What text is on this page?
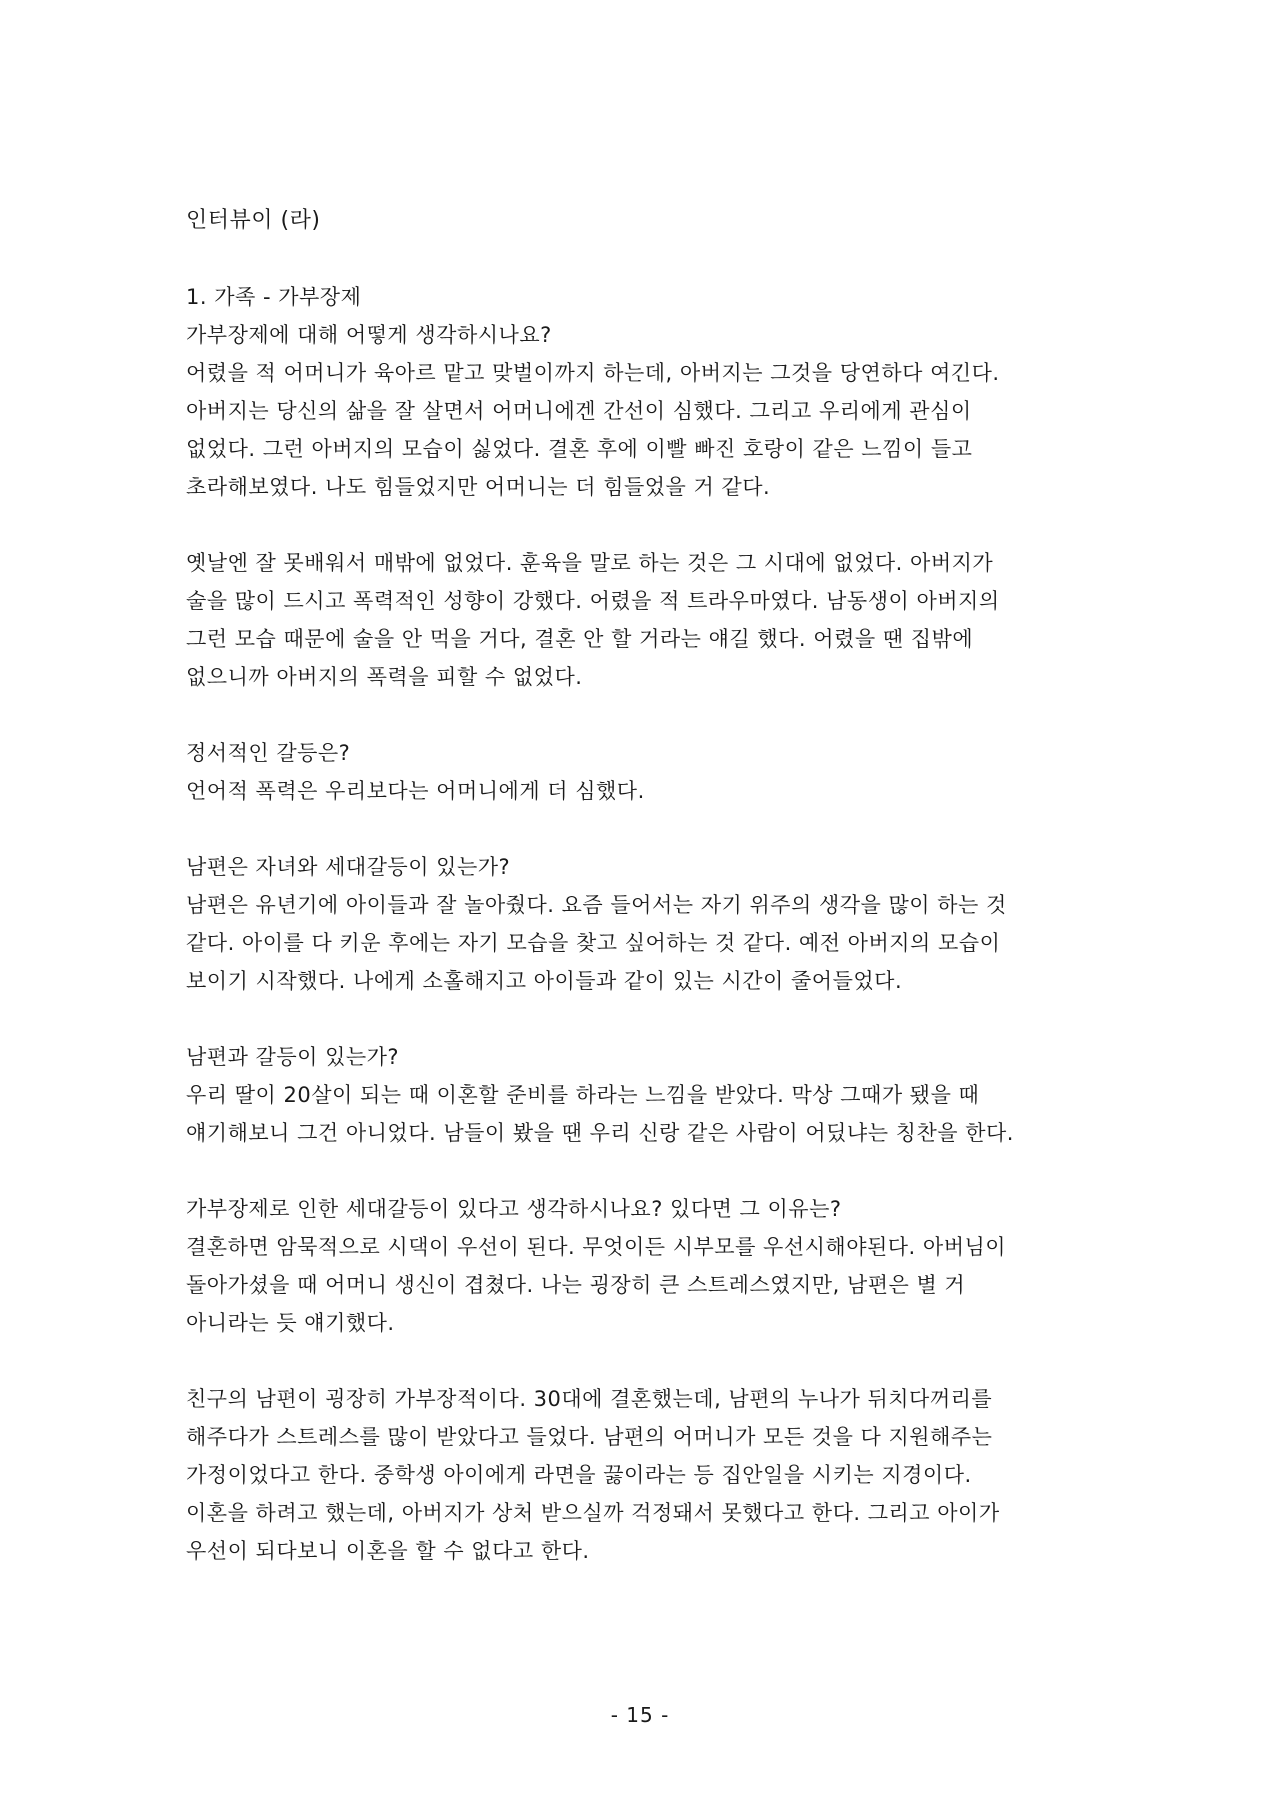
인터뷰이 (라)
1. 가족 - 가부장제
가부장제에 대해 어떻게 생각하시나요?
어렸을 적 어머니가 육아르 맡고 맞벌이까지 하는데, 아버지는 그것을 당연하다 여긴다.
아버지는 당신의 삶을 잘 살면서 어머니에겐 간선이 심했다. 그리고 우리에게 관심이
없었다. 그런 아버지의 모습이 싫었다. 결혼 후에 이빨 빠진 호랑이 같은 느낌이 들고
초라해보였다. 나도 힘들었지만 어머니는 더 힘들었을 거 같다.
옛날엔 잘 못배워서 매밖에 없었다. 훈육을 말로 하는 것은 그 시대에 없었다. 아버지가
술을 많이 드시고 폭력적인 성향이 강했다. 어렸을 적 트라우마였다. 남동생이 아버지의
그런 모습 때문에 술을 안 먹을 거다, 결혼 안 할 거라는 얘길 했다. 어렸을 땐 집밖에
없으니까 아버지의 폭력을 피할 수 없었다.
정서적인 갈등은?
언어적 폭력은 우리보다는 어머니에게 더 심했다.
남편은 자녀와 세대갈등이 있는가?
남편은 유년기에 아이들과 잘 놀아줬다. 요즘 들어서는 자기 위주의 생각을 많이 하는 것
같다. 아이를 다 키운 후에는 자기 모습을 찾고 싶어하는 것 같다. 예전 아버지의 모습이
보이기 시작했다. 나에게 소홀해지고 아이들과 같이 있는 시간이 줄어들었다.
남편과 갈등이 있는가?
우리 딸이 20살이 되는 때 이혼할 준비를 하라는 느낌을 받았다. 막상 그때가 됐을 때
얘기해보니 그건 아니었다. 남들이 봤을 땐 우리 신랑 같은 사람이 어딨냐는 칭찬을 한다.
가부장제로 인한 세대갈등이 있다고 생각하시나요? 있다면 그 이유는?
결혼하면 암묵적으로 시댁이 우선이 된다. 무엇이든 시부모를 우선시해야된다. 아버님이
돌아가셨을 때 어머니 생신이 겹쳤다. 나는 굉장히 큰 스트레스였지만, 남편은 별 거
아니라는 듯 얘기했다.
친구의 남편이 굉장히 가부장적이다. 30대에 결혼했는데, 남편의 누나가 뒤치다꺼리를
해주다가 스트레스를 많이 받았다고 들었다. 남편의 어머니가 모든 것을 다 지원해주는
가정이었다고 한다. 중학생 아이에게 라면을 끓이라는 등 집안일을 시키는 지경이다.
이혼을 하려고 했는데, 아버지가 상처 받으실까 걱정돼서 못했다고 한다. 그리고 아이가
우선이 되다보니 이혼을 할 수 없다고 한다.
- 15 -
